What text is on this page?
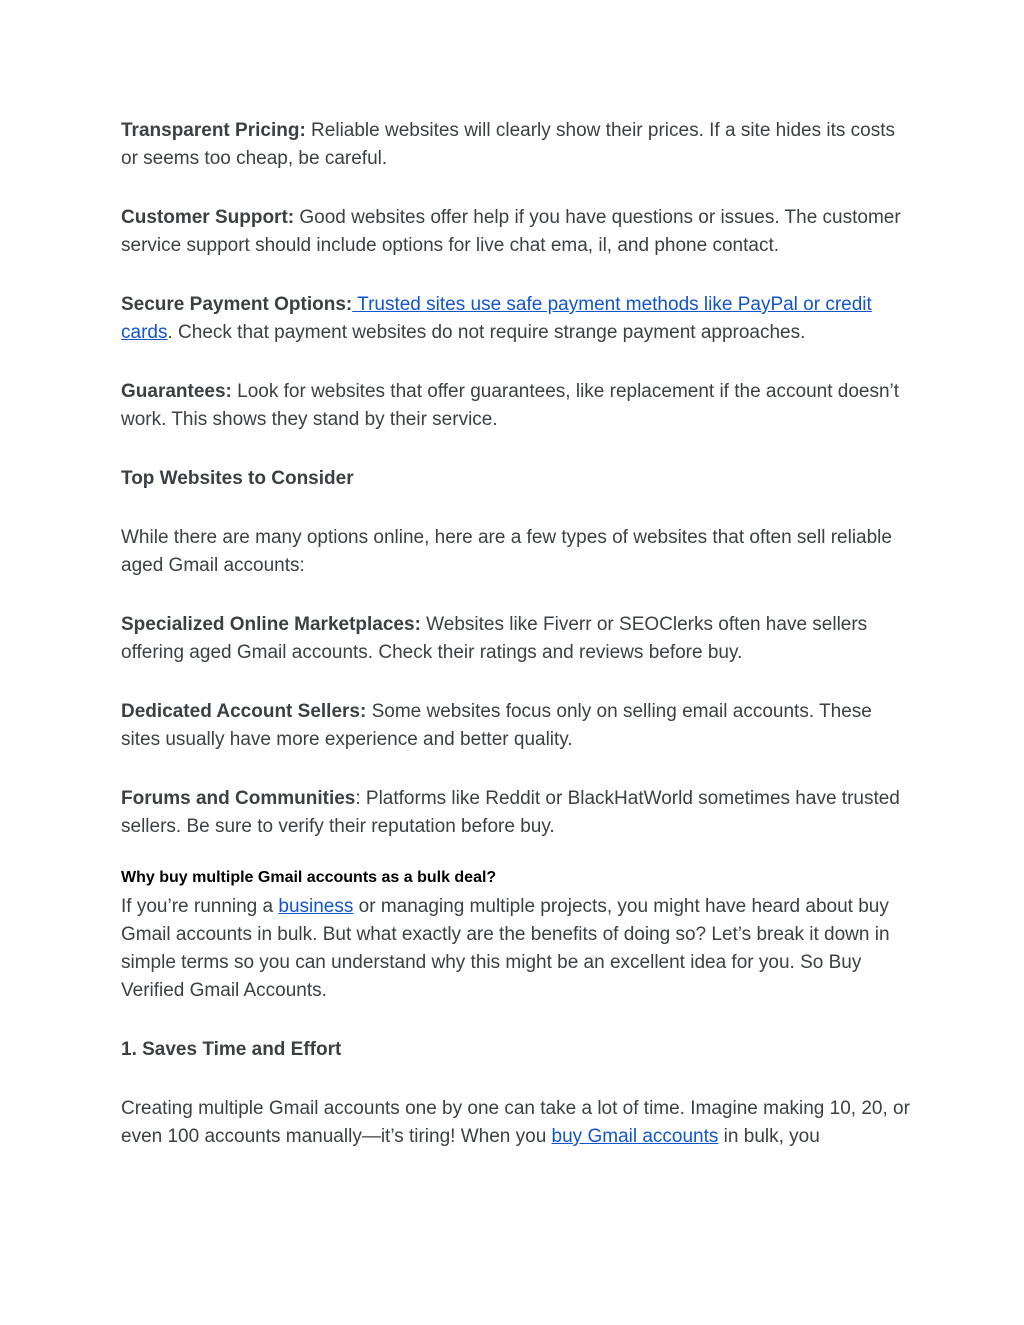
Transparent Pricing: Reliable websites will clearly show their prices. If a site hides its costs or seems too cheap, be careful.

Customer Support: Good websites offer help if you have questions or issues. The customer service support should include options for live chat ema, il, and phone contact.

Secure Payment Options: Trusted sites use safe payment methods like PayPal or credit cards. Check that payment websites do not require strange payment approaches.

Guarantees: Look for websites that offer guarantees, like replacement if the account doesn’t work. This shows they stand by their service.

Top Websites to Consider

While there are many options online, here are a few types of websites that often sell reliable aged Gmail accounts:

Specialized Online Marketplaces: Websites like Fiverr or SEOClerks often have sellers offering aged Gmail accounts. Check their ratings and reviews before buy.

Dedicated Account Sellers: Some websites focus only on selling email accounts. These sites usually have more experience and better quality.

Forums and Communities: Platforms like Reddit or BlackHatWorld sometimes have trusted sellers. Be sure to verify their reputation before buy.

Why buy multiple Gmail accounts as a bulk deal?

If you’re running a business or managing multiple projects, you might have heard about buy Gmail accounts in bulk. But what exactly are the benefits of doing so? Let’s break it down in simple terms so you can understand why this might be an excellent idea for you. So Buy Verified Gmail Accounts.

1. Saves Time and Effort

Creating multiple Gmail accounts one by one can take a lot of time. Imagine making 10, 20, or even 100 accounts manually—it’s tiring! When you buy Gmail accounts in bulk, you
